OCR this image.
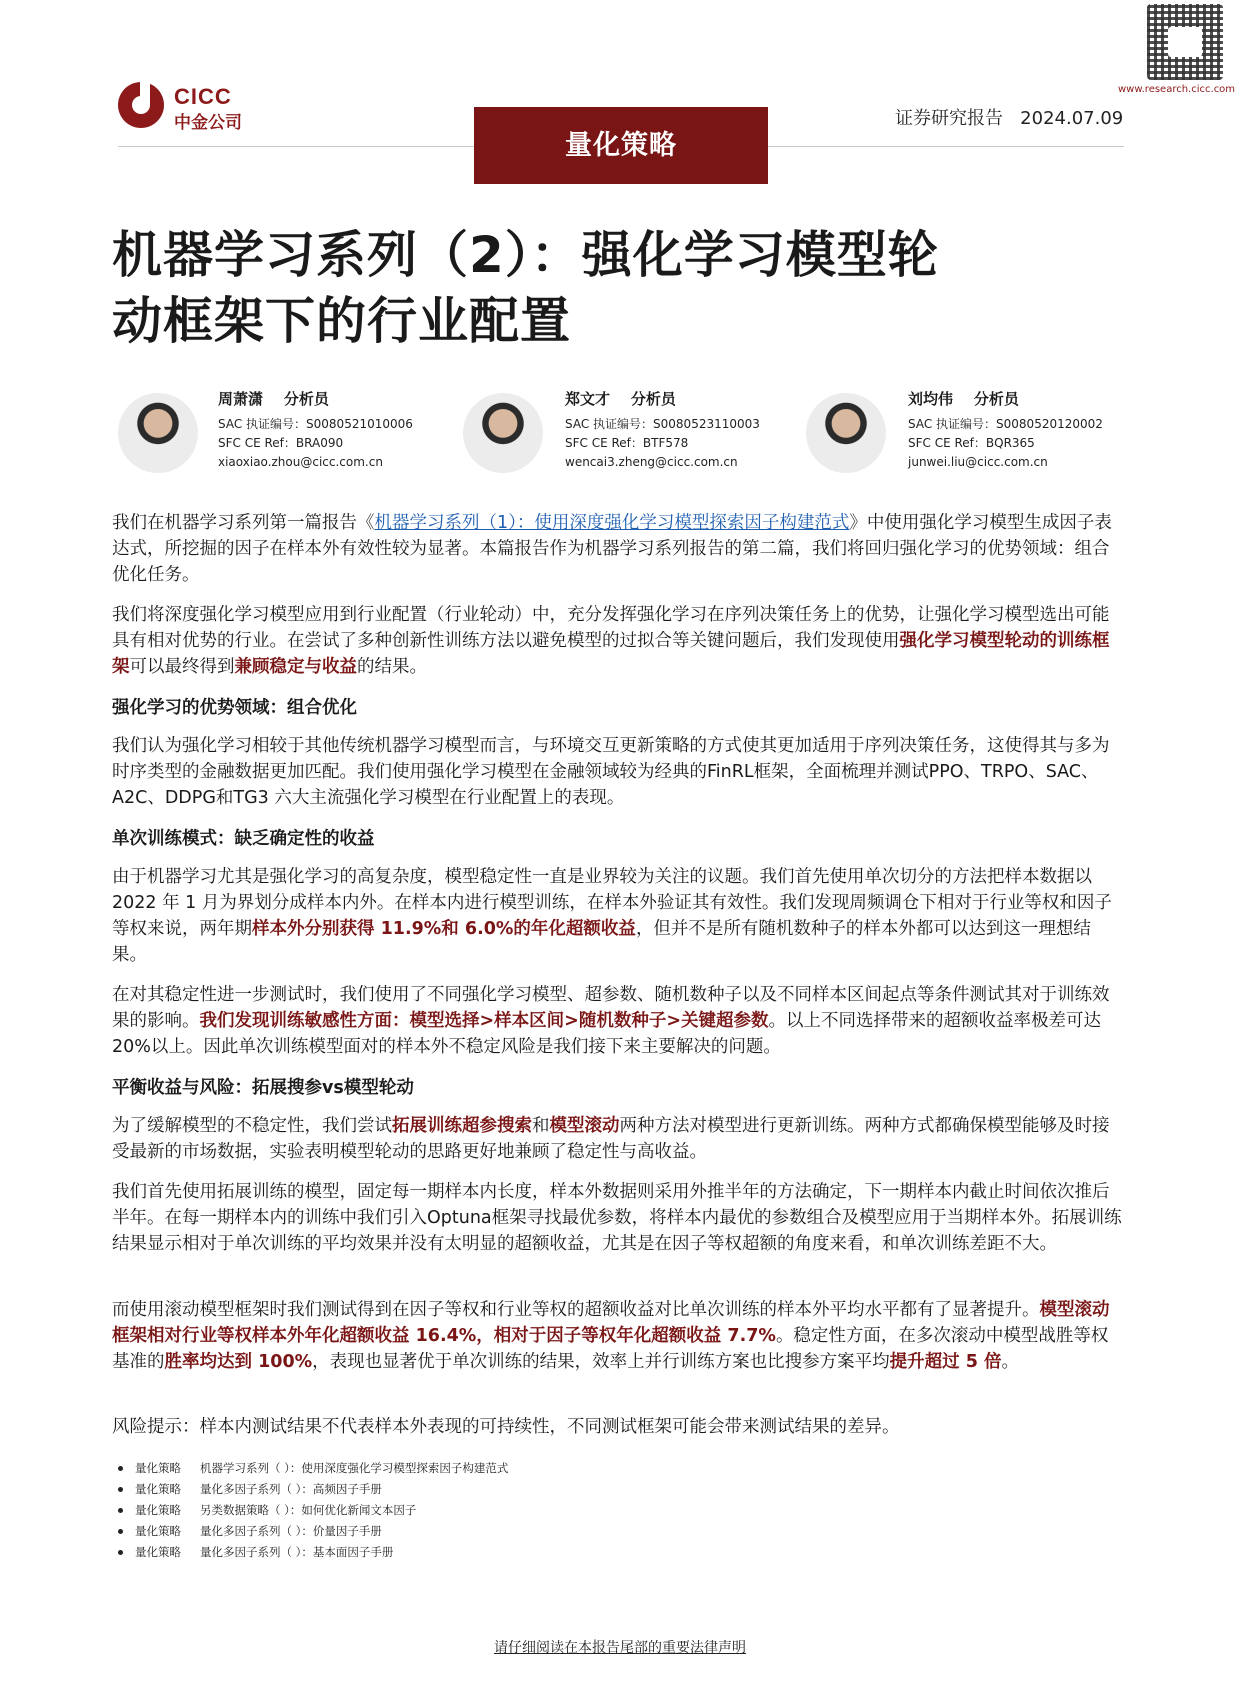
CICC
中金公司
www.research.cicc.com
量化策略
证券研究报告 2024.07.09
机器学习系列（2）：强化学习模型轮
动框架下的行业配置
周萧潇 分析员
SAC 执证编号：S0080521010006
SFC CE Ref：BRA090
xiaoxiao.zhou@cicc.com.cn
郑文才 分析员
SAC 执证编号：S0080523110003
SFC CE Ref：BTF578
wencai3.zheng@cicc.com.cn
刘均伟 分析员
SAC 执证编号：S0080520120002
SFC CE Ref：BQR365
junwei.liu@cicc.com.cn

我们在机器学习系列第一篇报告《机器学习系列（1）：使用深度强化学习模型探索因子构建范式》中使用强化学习模型生成因子表达式，所挖掘的因子在样本外有效性较为显著。本篇报告作为机器学习系列报告的第二篇，我们将回归强化学习的优势领域：组合优化任务。

我们将深度强化学习模型应用到行业配置（行业轮动）中，充分发挥强化学习在序列决策任务上的优势，让强化学习模型选出可能具有相对优势的行业。在尝试了多种创新性训练方法以避免模型的过拟合等关键问题后，我们发现使用强化学习模型轮动的训练框架可以最终得到兼顾稳定与收益的结果。

强化学习的优势领域：组合优化

我们认为强化学习相较于其他传统机器学习模型而言，与环境交互更新策略的方式使其更加适用于序列决策任务，这使得其与多为时序类型的金融数据更加匹配。我们使用强化学习模型在金融领域较为经典的FinRL框架，全面梳理并测试PPO、TRPO、SAC、A2C、DDPG和TG3 六大主流强化学习模型在行业配置上的表现。

单次训练模式：缺乏确定性的收益

由于机器学习尤其是强化学习的高复杂度，模型稳定性一直是业界较为关注的议题。我们首先使用单次切分的方法把样本数据以 2022 年 1 月为界划分成样本内外。在样本内进行模型训练，在样本外验证其有效性。我们发现周频调仓下相对于行业等权和因子等权来说，两年期样本外分别获得 11.9%和 6.0%的年化超额收益，但并不是所有随机数种子的样本外都可以达到这一理想结果。

在对其稳定性进一步测试时，我们使用了不同强化学习模型、超参数、随机数种子以及不同样本区间起点等条件测试其对于训练效果的影响。我们发现训练敏感性方面：模型选择>样本区间>随机数种子>关键超参数。以上不同选择带来的超额收益率极差可达 20%以上。因此单次训练模型面对的样本外不稳定风险是我们接下来主要解决的问题。

平衡收益与风险：拓展搜参vs模型轮动

为了缓解模型的不稳定性，我们尝试拓展训练超参搜索和模型滚动两种方法对模型进行更新训练。两种方式都确保模型能够及时接受最新的市场数据，实验表明模型轮动的思路更好地兼顾了稳定性与高收益。

我们首先使用拓展训练的模型，固定每一期样本内长度，样本外数据则采用外推半年的方法确定，下一期样本内截止时间依次推后半年。在每一期样本内的训练中我们引入Optuna框架寻找最优参数，将样本内最优的参数组合及模型应用于当期样本外。拓展训练结果显示相对于单次训练的平均效果并没有太明显的超额收益，尤其是在因子等权超额的角度来看，和单次训练差距不大。

而使用滚动模型框架时我们测试得到在因子等权和行业等权的超额收益对比单次训练的样本外平均水平都有了显著提升。模型滚动框架相对行业等权样本外年化超额收益 16.4%，相对于因子等权年化超额收益 7.7%。稳定性方面，在多次滚动中模型战胜等权基准的胜率均达到 100%，表现也显著优于单次训练的结果，效率上并行训练方案也比搜参方案平均提升超过 5 倍。

风险提示：样本内测试结果不代表样本外表现的可持续性，不同测试框架可能会带来测试结果的差异。

量化策略 机器学习系列（ ）：使用深度强化学习模型探索因子构建范式
量化策略 量化多因子系列（ ）：高频因子手册
量化策略 另类数据策略（ ）：如何优化新闻文本因子
量化策略 量化多因子系列（ ）：价量因子手册
量化策略 量化多因子系列（ ）：基本面因子手册
请仔细阅读在本报告尾部的重要法律声明
